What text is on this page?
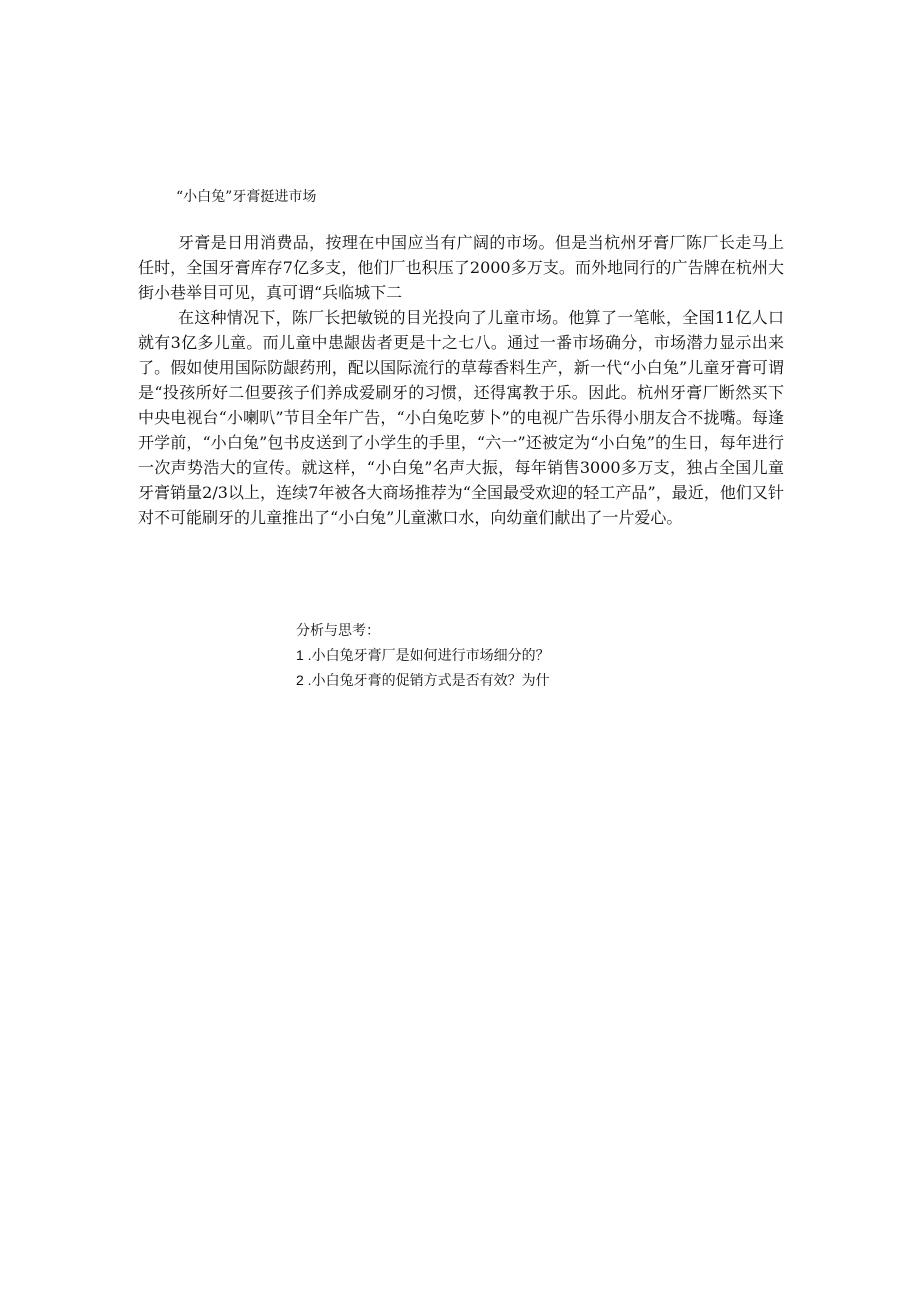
“小白兔”牙膏挺进市场

牙膏是日用消费品，按理在中国应当有广阔的市场。但是当杭州牙膏厂陈厂长走马上任时，全国牙膏库存7亿多支，他们厂也积压了2000多万支。而外地同行的广告牌在杭州大街小巷举目可见，真可谓“兵临城下二

在这种情况下，陈厂长把敏锐的目光投向了儿童市场。他算了一笔帐，全国11亿人口就有3亿多儿童。而儿童中患龈齿者更是十之七八。通过一番市场确分，市场潜力显示出来了。假如使用国际防龈药刑，配以国际流行的草莓香料生产，新一代“小白兔”儿童牙膏可谓是“投孩所好二但要孩子们养成爱刷牙的习惯，还得寓教于乐。因此。杭州牙膏厂断然买下中央电视台“小喇叭”节目全年广告，“小白兔吃萝卜”的电视广告乐得小朋友合不拢嘴。每逢开学前，“小白兔”包书皮送到了小学生的手里，“六一”还被定为“小白兔”的生日，每年进行一次声势浩大的宣传。就这样，“小白兔”名声大振，每年销售3000多万支，独占全国儿童牙膏销量2/3以上，连续7年被各大商场推荐为“全国最受欢迎的轻工产品”，最近，他们又针对不可能刷牙的儿童推出了“小白兔”儿童漱口水，向幼童们献出了一片爱心。

分析与思考：

1 .小白兔牙膏厂是如何进行市场细分的？

2 .小白兔牙膏的促销方式是否有效？为什
